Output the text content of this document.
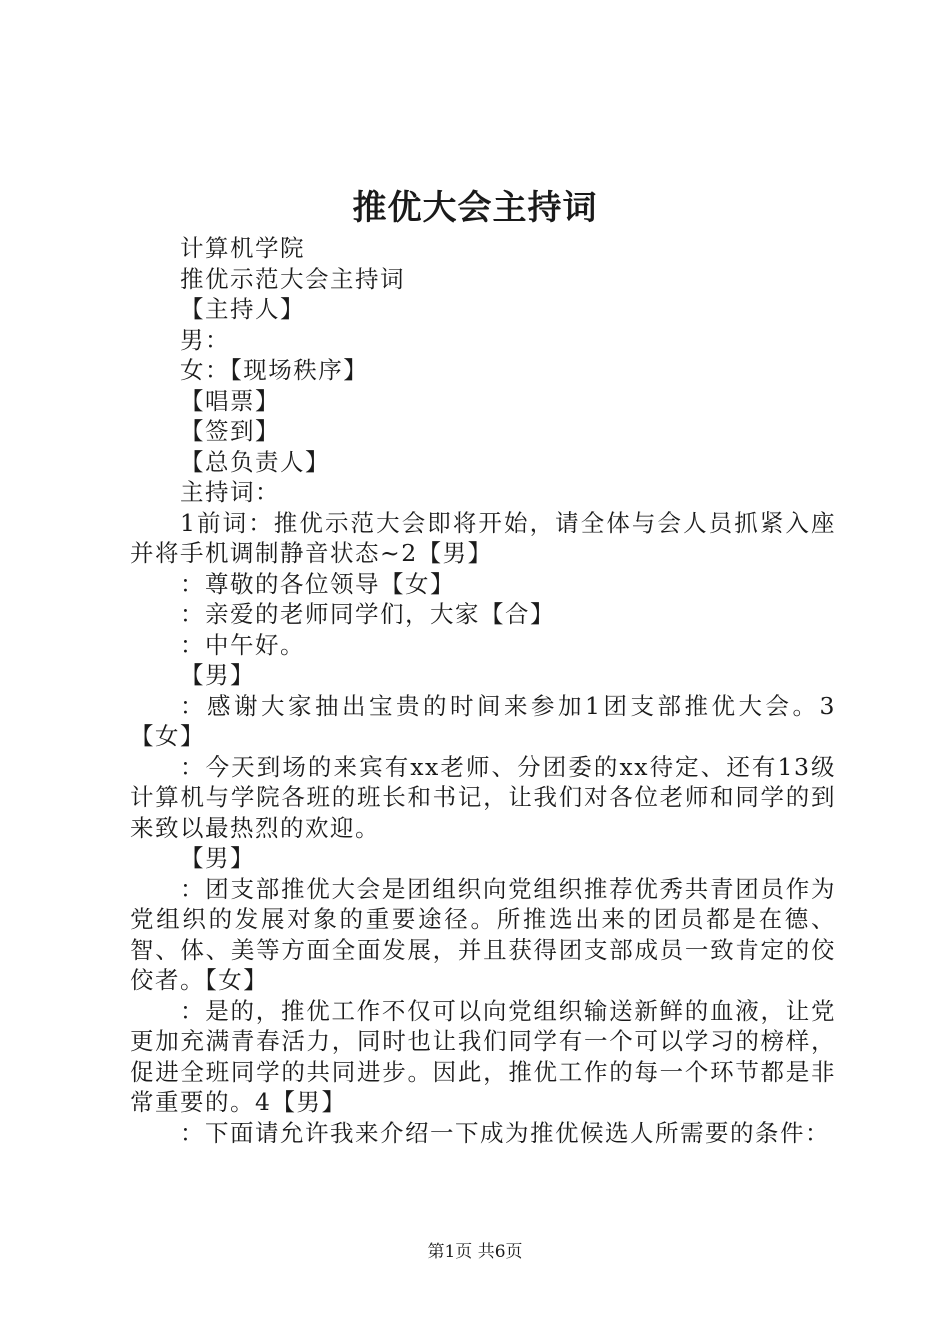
推优大会主持词

计算机学院

推优示范大会主持词

【主持人】

男：

女：【现场秩序】

【唱票】

【签到】

【总负责人】

主持词：

1前词：推优示范大会即将开始，请全体与会人员抓紧入座并将手机调制静音状态~2【男】

：尊敬的各位领导【女】

：亲爱的老师同学们，大家【合】

：中午好。

【男】

：感谢大家抽出宝贵的时间来参加1团支部推优大会。3【女】

：今天到场的来宾有xx老师、分团委的xx待定、还有13级计算机与学院各班的班长和书记，让我们对各位老师和同学的到来致以最热烈的欢迎。

【男】

：团支部推优大会是团组织向党组织推荐优秀共青团员作为党组织的发展对象的重要途径。所推选出来的团员都是在德、智、体、美等方面全面发展，并且获得团支部成员一致肯定的佼佼者。【女】

：是的，推优工作不仅可以向党组织输送新鲜的血液，让党更加充满青春活力，同时也让我们同学有一个可以学习的榜样，促进全班同学的共同进步。因此，推优工作的每一个环节都是非常重要的。4【男】

：下面请允许我来介绍一下成为推优候选人所需要的条件：

第1页 共6页
